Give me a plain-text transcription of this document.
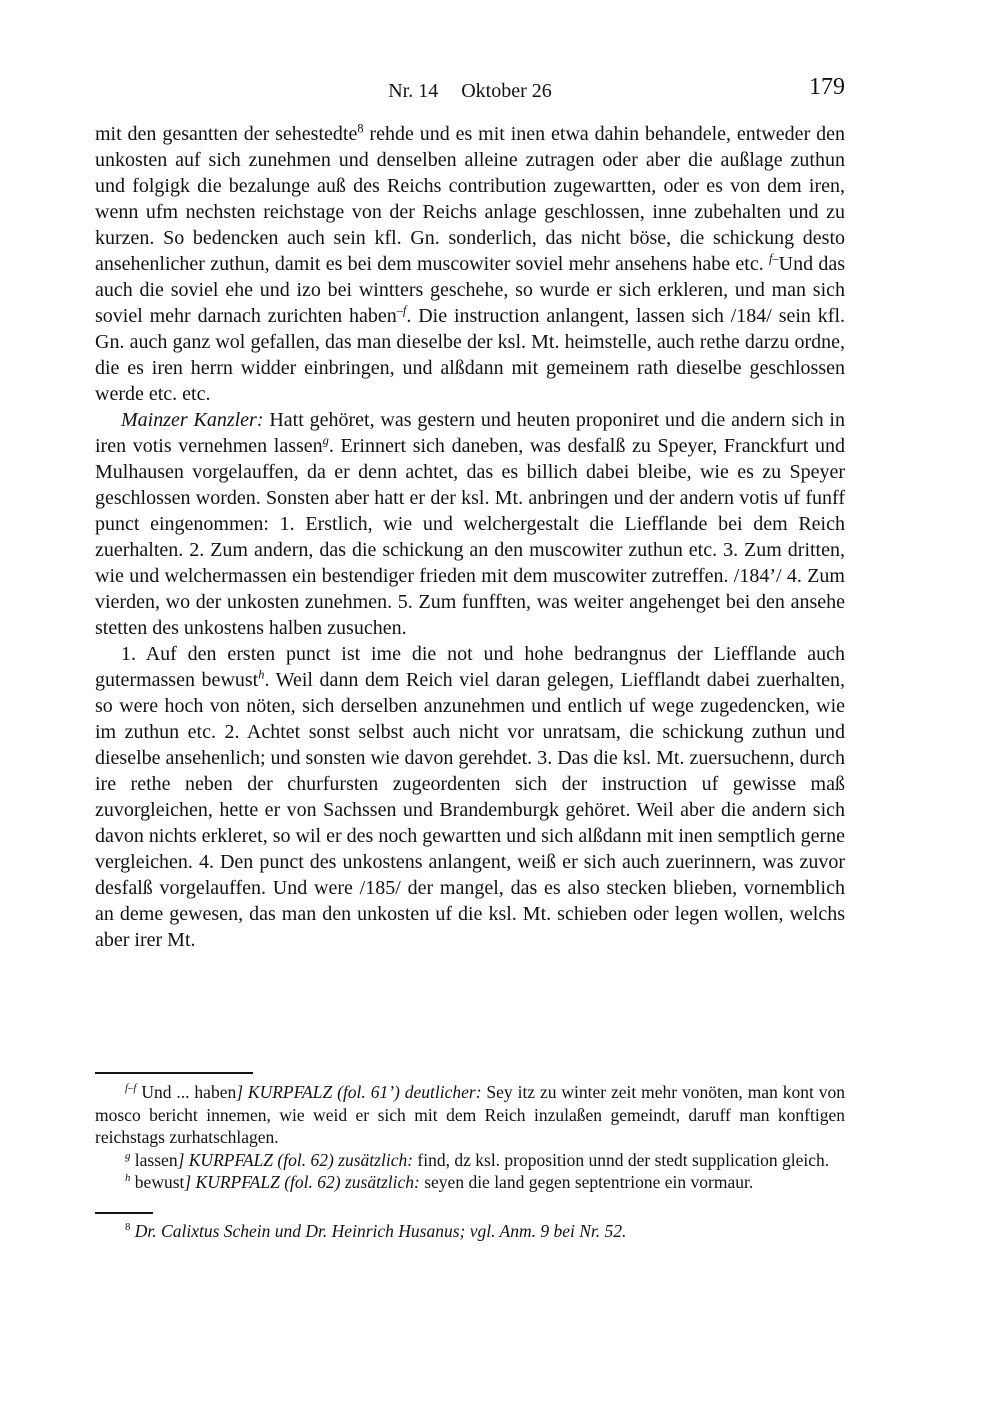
Nr. 14 Oktober 26	179

mit den gesantten der sehestedte$^8$ rehde und es mit inen etwa dahin behandele, entweder den unkosten auf sich zunehmen und denselben alleine zutragen oder aber die außlage zuthun und folgigk die bezalunge auß des Reichs contribution zugewartten, oder es von dem iren, wenn ufm nechsten reichstage von der Reichs anlage geschlossen, inne zubehalten und zu kurzen. So bedencken auch sein kfl. Gn. sonderlich, das nicht böse, die schickung desto ansehenlicher zuthun, damit es bei dem muscowiter soviel mehr ansehens habe etc. $^{f-}$Und das auch die soviel ehe und izo bei wintters geschehe, so wurde er sich erkleren, und man sich soviel mehr darnach zurichten haben$^{-f}$. Die instruction anlangent, lassen sich /184/ sein kfl. Gn. auch ganz wol gefallen, das man dieselbe der ksl. Mt. heimstelle, auch rethe darzu ordne, die es iren herrn widder einbringen, und alßdann mit gemeinem rath dieselbe geschlossen werde etc. etc.

Mainzer Kanzler: Hatt gehöret, was gestern und heuten proponiret und die andern sich in iren votis vernehmen lassen$^g$. Erinnert sich daneben, was desfalß zu Speyer, Franckfurt und Mulhausen vorgelauffen, da er denn achtet, das es billich dabei bleibe, wie es zu Speyer geschlossen worden. Sonsten aber hatt er der ksl. Mt. anbringen und der andern votis uf funff punct eingenommen: 1. Erstlich, wie und welchergestalt die Liefflande bei dem Reich zuerhalten. 2. Zum andern, das die schickung an den muscowiter zuthun etc. 3. Zum dritten, wie und welchermassen ein bestendiger frieden mit dem muscowiter zutreffen. /184’/ 4. Zum vierden, wo der unkosten zunehmen. 5. Zum funfften, was weiter angehenget bei den ansehe stetten des unkostens halben zusuchen.

1. Auf den ersten punct ist ime die not und hohe bedrangnus der Liefflande auch gutermassen bewust$^h$. Weil dann dem Reich viel daran gelegen, Liefflandt dabei zuerhalten, so were hoch von nöten, sich derselben anzunehmen und entlich uf wege zugedencken, wie im zuthun etc. 2. Achtet sonst selbst auch nicht vor unratsam, die schickung zuthun und dieselbe ansehenlich; und sonsten wie davon gerehdet. 3. Das die ksl. Mt. zuersuchenn, durch ire rethe neben der churfursten zugeordenten sich der instruction uf gewisse maß zuvorgleichen, hette er von Sachssen und Brandemburgk gehöret. Weil aber die andern sich davon nichts erkleret, so wil er des noch gewartten und sich alßdann mit inen semptlich gerne vergleichen. 4. Den punct des unkostens anlangent, weiß er sich auch zuerinnern, was zuvor desfalß vorgelauffen. Und were /185/ der mangel, das es also stecken blieben, vornemblich an deme gewesen, das man den unkosten uf die ksl. Mt. schieben oder legen wollen, welchs aber irer Mt.

$^{f-f}$ Und ... haben] KURPFALZ (fol. 61’) deutlicher: Sey itz zu winter zeit mehr vonöten, man kont von mosco bericht innemen, wie weid er sich mit dem Reich inzulaßen gemeindt, daruff man konftigen reichstags zurhatschlagen.

$^g$ lassen] KURPFALZ (fol. 62) zusätzlich: find, dz ksl. proposition unnd der stedt supplication gleich.

$^h$ bewust] KURPFALZ (fol. 62) zusätzlich: seyen die land gegen septentrione ein vormaur.

$^8$ Dr. Calixtus Schein und Dr. Heinrich Husanus; vgl. Anm. 9 bei Nr. 52.
